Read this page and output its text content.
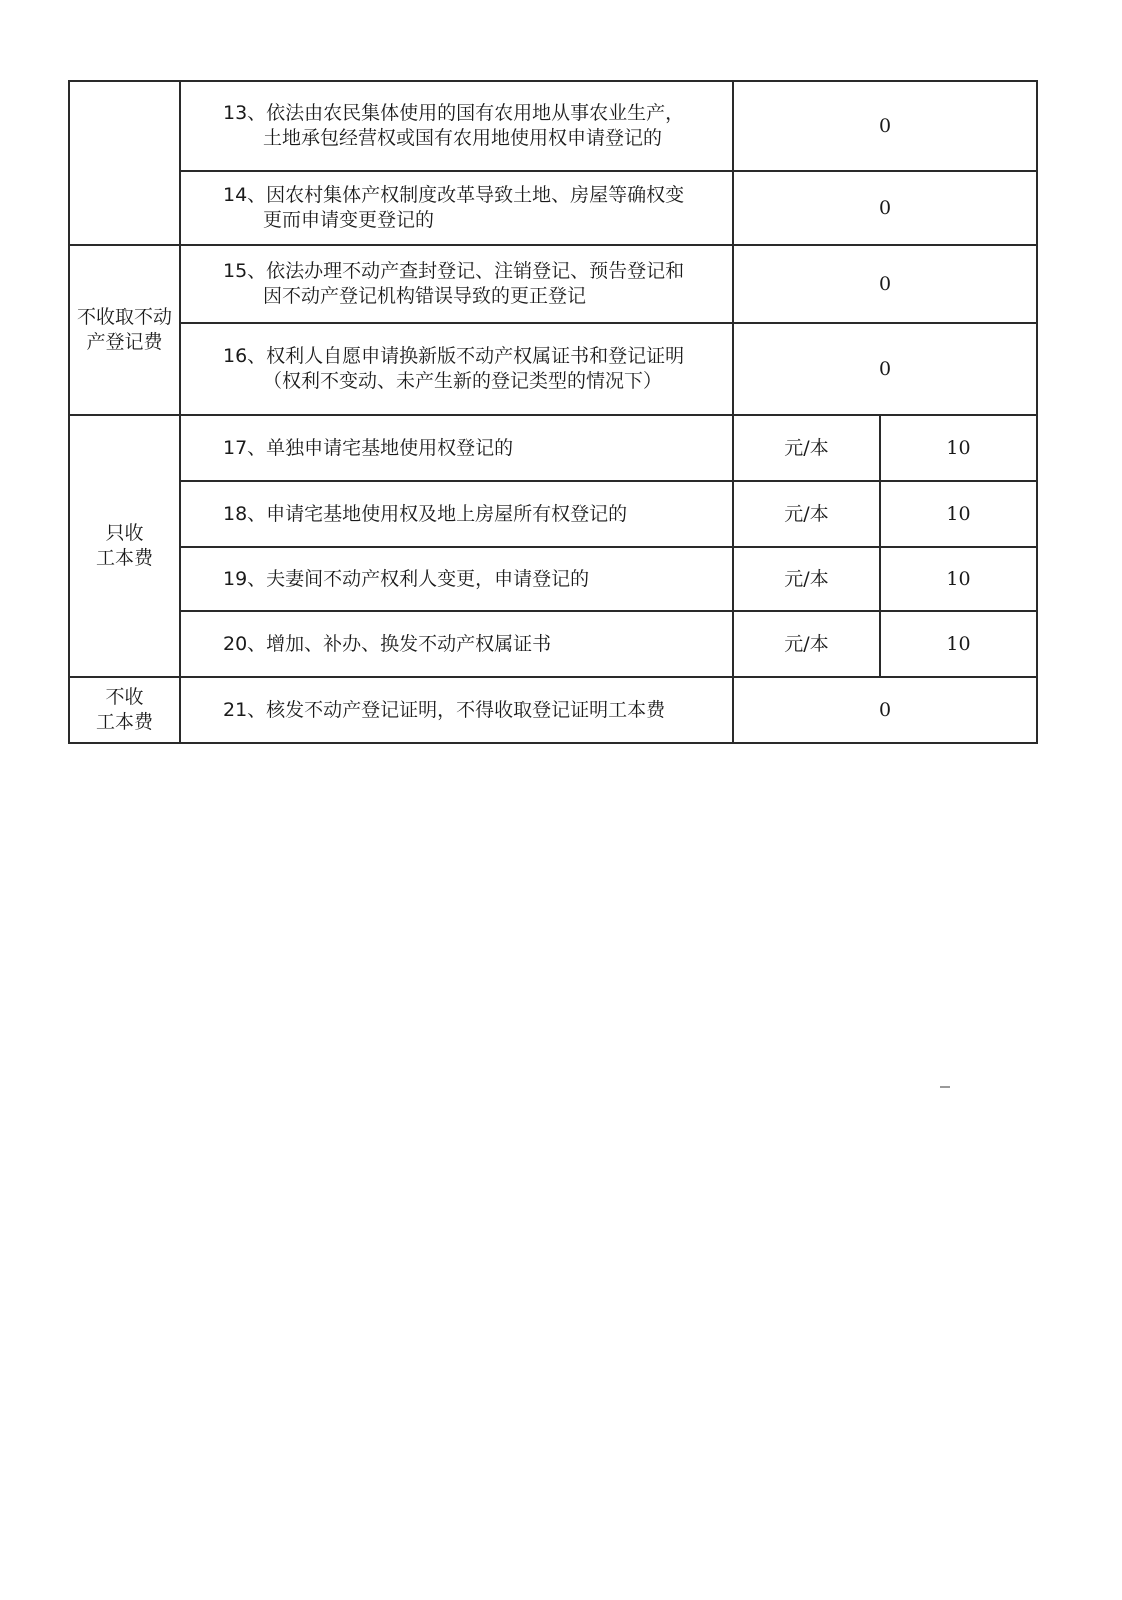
	13、依法由农民集体使用的国有农用地从事农业生产，土地承包经营权或国有农用地使用权申请登记的	0	

	14、因农村集体产权制度改革导致土地、房屋等确权变更而申请变更登记的	0	
不收取不动
产登记费	15、依法办理不动产查封登记、注销登记、预告登记和因不动产登记机构错误导致的更正登记	0	

	16、权利人自愿申请换新版不动产权属证书和登记证明（权利不变动、未产生新的登记类型的情况下）	0	
只收
工本费	17、单独申请宅基地使用权登记的	元/本	10

	18、申请宅基地使用权及地上房屋所有权登记的	元/本	10

	19、夫妻间不动产权利人变更，申请登记的	元/本	10

	20、增加、补办、换发不动产权属证书	元/本	10
不收
工本费	21、核发不动产登记证明，不得收取登记证明工本费	0	
